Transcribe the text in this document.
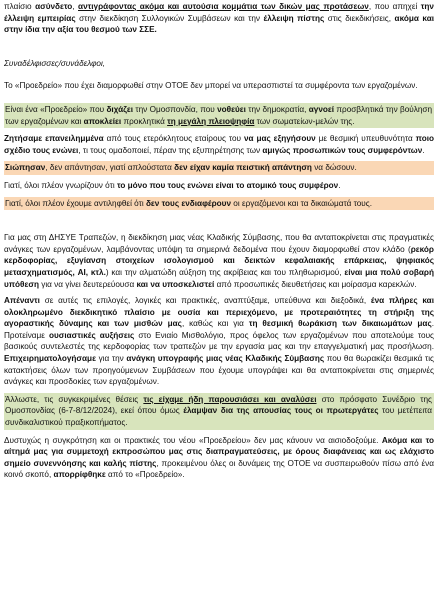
πλαίσιο ασύνδετο, αντιγράφοντας ακόμα και αυτούσια κομμάτια των δικών μας προτάσεων, που απηχεί την έλλειψη εμπειρίας στην διεκδίκηση Συλλογικών Συμβάσεων και την έλλειψη πίστης στις διεκδικήσεις, ακόμα και στην ίδια την αξία του θεσμού των ΣΣΕ.

Συναδέλφισσες/συνάδελφοι,

Το «Προεδρείο» που έχει διαμορφωθεί στην ΟΤΟΕ δεν μπορεί να υπερασπιστεί τα συμφέροντα των εργαζομένων.

Είναι ένα «Προεδρείο» που διχάζει την Ομοσπονδία, που νοθεύει την δημοκρατία, αγνοεί προσβλητικά την βούληση των εργαζομένων και αποκλείει προκλητικά τη μεγάλη πλειοψηφία των σωματείων-μελών της.

Ζητήσαμε επανειλημμένα από τους ετερόκλητους εταίρους του να μας εξηγήσουν με θεσμική υπευθυνότητα ποιο σχέδιο τους ενώνει, τι τους ομαδοποιεί, πέραν της εξυπηρέτησης των αμιγώς προσωπικών τους συμφερόντων.

Σιώπησαν, δεν απάντησαν, γιατί απλούστατα δεν είχαν καμία πειστική απάντηση να δώσουν.

Γιατί, όλοι πλέον γνωρίζουν ότι το μόνο που τους ενώνει είναι το ατομικό τους συμφέρον.

Γιατί, όλοι πλέον έχουμε αντιληφθεί ότι δεν τους ενδιαφέρουν οι εργαζόμενοι και τα δικαιώματά τους.

Για μας στη ΔΗΣΥΕ Τραπεζών, η διεκδίκηση μιας νέας Κλαδικής Σύμβασης, που θα ανταποκρίνεται στις πραγματικές ανάγκες των εργαζομένων, λαμβάνοντας υπόψη τα σημερινά δεδομένα που έχουν διαμορφωθεί στον κλάδο (ρεκόρ κερδοφορίας, εξυγίανση στοιχείων ισολογισμού και δεικτών κεφαλαιακής επάρκειας, ψηφιακός μετασχηματισμός, AI, κτλ.) και την αλματώδη αύξηση της ακρίβειας και του πληθωρισμού, είναι μια πολύ σοβαρή υπόθεση για να γίνει δευτερεύουσα και να υποσκελιστεί από προσωπικές διευθετήσεις και μοίρασμα καρεκλών.

Απέναντι σε αυτές τις επιλογές, λογικές και πρακτικές, αναπτύξαμε, υπεύθυνα και διεξοδικά, ένα πλήρες και ολοκληρωμένο διεκδικητικό πλαίσιο με ουσία και περιεχόμενο, με προτεραιότητες τη στήριξη της αγοραστικής δύναμης και των μισθών μας, καθώς και για τη θεσμική θωράκιση των δικαιωμάτων μας. Προτείναμε ουσιαστικές αυξήσεις στο Ενιαίο Μισθολόγιο, προς όφελος των εργαζομένων που αποτελούμε τους βασικούς συντελεστές της κερδοφορίας των τραπεζών με την εργασία μας και την επαγγελματική μας προσήλωση. Επιχειρηματολογήσαμε για την ανάγκη υπογραφής μιας νέας Κλαδικής Σύμβασης που θα θωρακίζει θεσμικά τις κατακτήσεις όλων των προηγούμενων Συμβάσεων που έχουμε υπογράψει και θα ανταποκρίνεται στις σημερινές ανάγκες και προσδοκίες των εργαζομένων.

Άλλωστε, τις συγκεκριμένες θέσεις τις είχαμε ήδη παρουσιάσει και αναλύσει στο πρόσφατο Συνέδριο της Ομοσπονδίας (6-7-8/12/2024), εκεί όπου όμως έλαμψαν δια της απουσίας τους οι πρωτεργάτες του μετέπειτα συνδικαλιστικού πραξικοπήματος.

Δυστυχώς η συγκρότηση και οι πρακτικές του νέου «Προεδρείου» δεν μας κάνουν να αισιοδοξούμε. Ακόμα και το αίτημά μας για συμμετοχή εκπροσώπου μας στις διαπραγματεύσεις, με όρους διαφάνειας και ως ελάχιστο σημείο συνεννόησης και καλής πίστης, προκειμένου όλες οι δυνάμεις της ΟΤΟΕ να συσπειρωθούν πίσω από ένα κοινό σκοπό, απορρίφθηκε από το «Προεδρείο».
